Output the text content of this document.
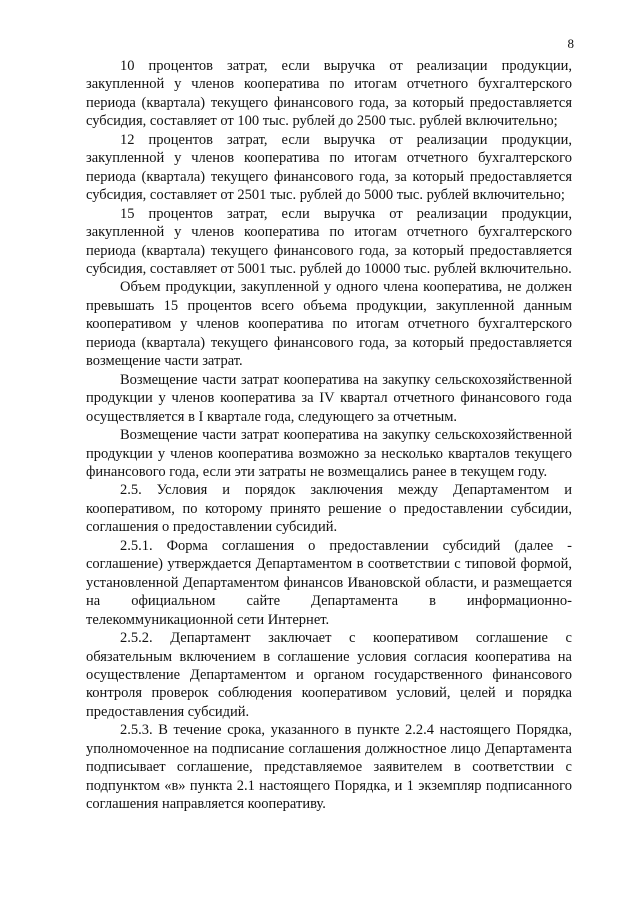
8

10 процентов затрат, если выручка от реализации продукции, закупленной у членов кооператива по итогам отчетного бухгалтерского периода (квартала) текущего финансового года, за который предоставляется субсидия, составляет от 100 тыс. рублей до 2500 тыс. рублей включительно;

12 процентов затрат, если выручка от реализации продукции, закупленной у членов кооператива по итогам отчетного бухгалтерского периода (квартала) текущего финансового года, за который предоставляется субсидия, составляет от 2501 тыс. рублей до 5000 тыс. рублей включительно;

15 процентов затрат, если выручка от реализации продукции, закупленной у членов кооператива по итогам отчетного бухгалтерского периода (квартала) текущего финансового года, за который предоставляется субсидия, составляет от 5001 тыс. рублей до 10000 тыс. рублей включительно.

Объем продукции, закупленной у одного члена кооператива, не должен превышать 15 процентов всего объема продукции, закупленной данным кооперативом у членов кооператива по итогам отчетного бухгалтерского периода (квартала) текущего финансового года, за который предоставляется возмещение части затрат.

Возмещение части затрат кооператива на закупку сельскохозяйственной продукции у членов кооператива за IV квартал отчетного финансового года осуществляется в I квартале года, следующего за отчетным.

Возмещение части затрат кооператива на закупку сельскохозяйственной продукции у членов кооператива возможно за несколько кварталов текущего финансового года, если эти затраты не возмещались ранее в текущем году.

2.5. Условия и порядок заключения между Департаментом и кооперативом, по которому принято решение о предоставлении субсидии, соглашения о предоставлении субсидий.

2.5.1. Форма соглашения о предоставлении субсидий (далее - соглашение) утверждается Департаментом в соответствии с типовой формой, установленной Департаментом финансов Ивановской области, и размещается на официальном сайте Департамента в информационно-телекоммуникационной сети Интернет.

2.5.2. Департамент заключает с кооперативом соглашение с обязательным включением в соглашение условия согласия кооператива на осуществление Департаментом и органом государственного финансового контроля проверок соблюдения кооперативом условий, целей и порядка предоставления субсидий.

2.5.3. В течение срока, указанного в пункте 2.2.4 настоящего Порядка, уполномоченное на подписание соглашения должностное лицо Департамента подписывает соглашение, представляемое заявителем в соответствии с подпунктом «в» пункта 2.1 настоящего Порядка, и 1 экземпляр подписанного соглашения направляется кооперативу.
